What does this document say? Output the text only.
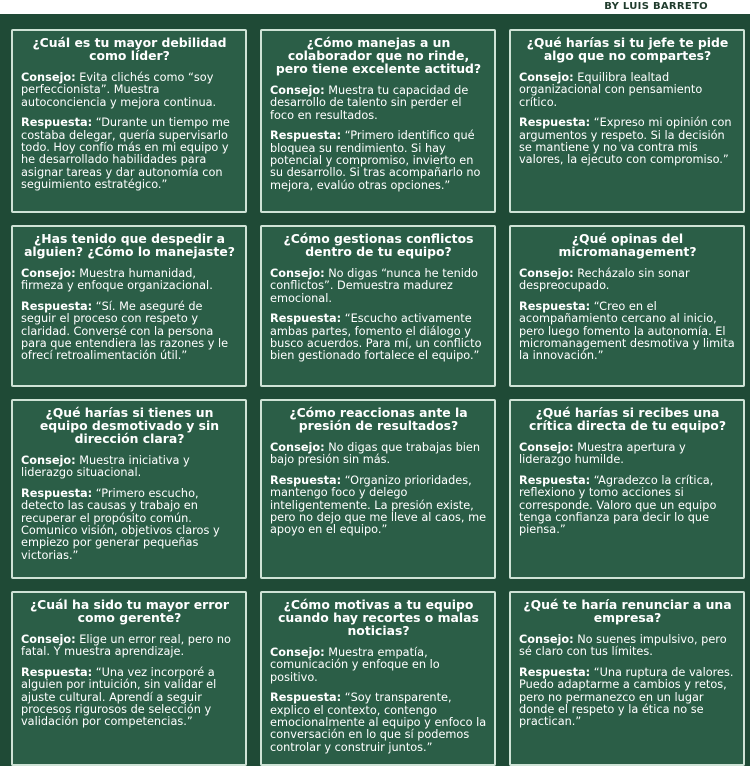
BY LUIS BARRETO
¿Cuál es tu mayor debilidad como líder?
Consejo: Evita clichés como “soy perfeccionista”. Muestra autoconciencia y mejora continua.
Respuesta: “Durante un tiempo me costaba delegar, quería supervisarlo todo. Hoy confío más en mi equipo y he desarrollado habilidades para asignar tareas y dar autonomía con seguimiento estratégico.”
¿Cómo manejas a un colaborador que no rinde, pero tiene excelente actitud?
Consejo: Muestra tu capacidad de desarrollo de talento sin perder el foco en resultados.
Respuesta: “Primero identifico qué bloquea su rendimiento. Si hay potencial y compromiso, invierto en su desarrollo. Si tras acompañarlo no mejora, evalúo otras opciones.”
¿Qué harías si tu jefe te pide algo que no compartes?
Consejo: Equilibra lealtad organizacional con pensamiento crítico.
Respuesta: “Expreso mi opinión con argumentos y respeto. Si la decisión se mantiene y no va contra mis valores, la ejecuto con compromiso.”
¿Has tenido que despedir a alguien? ¿Cómo lo manejaste?
Consejo: Muestra humanidad, firmeza y enfoque organizacional.
Respuesta: “Sí. Me aseguré de seguir el proceso con respeto y claridad. Conversé con la persona para que entendiera las razones y le ofrecí retroalimentación útil.”
¿Cómo gestionas conflictos dentro de tu equipo?
Consejo: No digas “nunca he tenido conflictos”. Demuestra madurez emocional.
Respuesta: “Escucho activamente ambas partes, fomento el diálogo y busco acuerdos. Para mí, un conflicto bien gestionado fortalece el equipo.”
¿Qué opinas del micromanagement?
Consejo: Recházalo sin sonar despreocupado.
Respuesta: “Creo en el acompañamiento cercano al inicio, pero luego fomento la autonomía. El micromanagement desmotiva y limita la innovación.”
¿Qué harías si tienes un equipo desmotivado y sin dirección clara?
Consejo: Muestra iniciativa y liderazgo situacional.
Respuesta: “Primero escucho, detecto las causas y trabajo en recuperar el propósito común. Comunico visión, objetivos claros y empiezo por generar pequeñas victorias.”
¿Cómo reaccionas ante la presión de resultados?
Consejo: No digas que trabajas bien bajo presión sin más.
Respuesta: “Organizo prioridades, mantengo foco y delego inteligentemente. La presión existe, pero no dejo que me lleve al caos, me apoyo en el equipo.”
¿Qué harías si recibes una crítica directa de tu equipo?
Consejo: Muestra apertura y liderazgo humilde.
Respuesta: “Agradezco la crítica, reflexiono y tomo acciones si corresponde. Valoro que un equipo tenga confianza para decir lo que piensa.”
¿Cuál ha sido tu mayor error como gerente?
Consejo: Elige un error real, pero no fatal. Y muestra aprendizaje.
Respuesta: “Una vez incorporé a alguien por intuición, sin validar el ajuste cultural. Aprendí a seguir procesos rigurosos de selección y validación por competencias.”
¿Cómo motivas a tu equipo cuando hay recortes o malas noticias?
Consejo: Muestra empatía, comunicación y enfoque en lo positivo.
Respuesta: “Soy transparente, explico el contexto, contengo emocionalmente al equipo y enfoco la conversación en lo que sí podemos controlar y construir juntos.”
¿Qué te haría renunciar a una empresa?
Consejo: No suenes impulsivo, pero sé claro con tus límites.
Respuesta: “Una ruptura de valores. Puedo adaptarme a cambios y retos, pero no permanezco en un lugar donde el respeto y la ética no se practican.”
